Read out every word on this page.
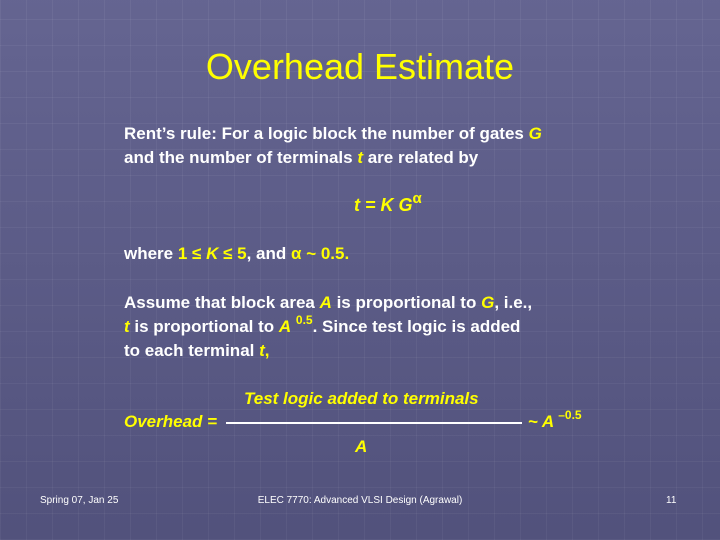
Overhead Estimate
Rent’s rule: For a logic block the number of gates G
and the number of terminals t are related by
t = K $G^\alpha$
where 1 ≤ K ≤ 5, and α ~ 0.5.
Assume that block area A is proportional to G, i.e.,
t is proportional to A $^{0.5}$. Since test logic is added
to each terminal t,
Test logic added to terminals
Overhead =	~ A $^{-0.5}$
A
Spring 07, Jan 25	ELEC 7770: Advanced VLSI Design (Agrawal)	11
